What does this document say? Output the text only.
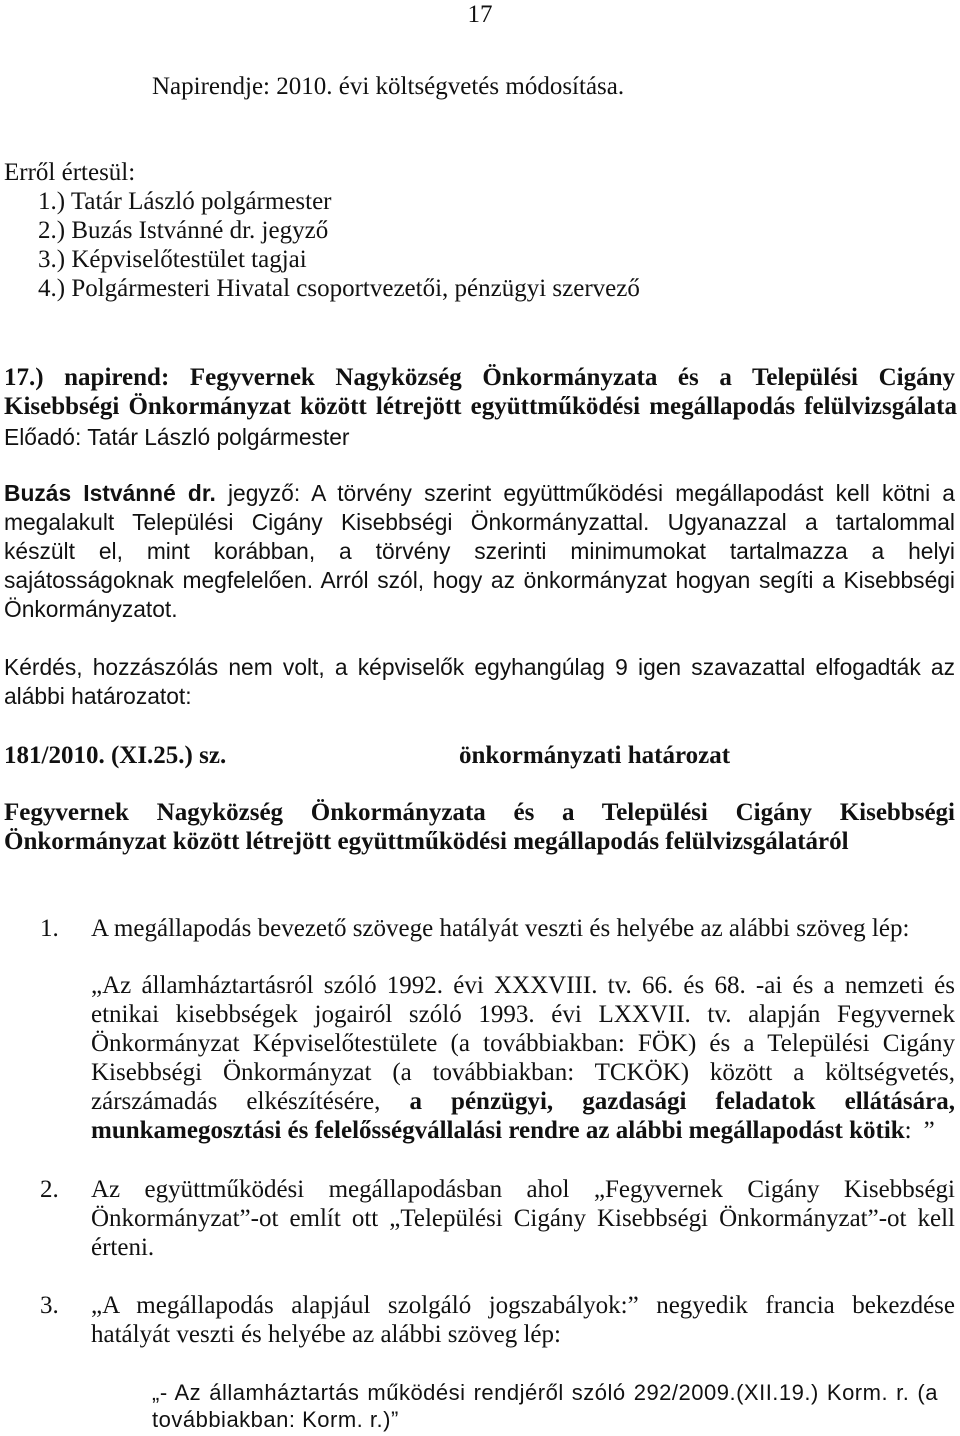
17
Napirendje: 2010. évi költségvetés módosítása.
Erről értesül:
1.) Tatár László polgármester
2.) Buzás Istvánné dr. jegyző
3.) Képviselőtestület tagjai
4.) Polgármesteri Hivatal csoportvezetői, pénzügyi szervező
17.) napirend: Fegyvernek Nagyközség Önkormányzata és a Települési Cigány
Kisebbségi Önkormányzat között létrejött együttműködési megállapodás felülvizsgálata
Előadó: Tatár László polgármester
Buzás Istvánné dr. jegyző: A törvény szerint együttműködési megállapodást kell kötni a
megalakult Települési Cigány Kisebbségi Önkormányzattal. Ugyanazzal a tartalommal
készült el, mint korábban, a törvény szerinti minimumokat tartalmazza a helyi
sajátosságoknak megfelelően. Arról szól, hogy az önkormányzat hogyan segíti a Kisebbségi
Önkormányzatot.
Kérdés, hozzászólás nem volt, a képviselők egyhangúlag 9 igen szavazattal elfogadták az
alábbi határozatot:
181/2010. (XI.25.) sz.	önkormányzati határozat
Fegyvernek Nagyközség Önkormányzata és a Települési Cigány Kisebbségi
Önkormányzat között létrejött együttműködési megállapodás felülvizsgálatáról
1. A megállapodás bevezető szövege hatályát veszti és helyébe az alábbi szöveg lép:
„Az államháztartásról szóló 1992. évi XXXVIII. tv. 66. és 68. -ai és a nemzeti és
etnikai kisebbségek jogairól szóló 1993. évi LXXVII. tv. alapján Fegyvernek
Önkormányzat Képviselőtestülete (a továbbiakban: FÖK) és a Települési Cigány
Kisebbségi Önkormányzat (a továbbiakban: TCKÖK) között a költségvetés,
zárszámadás elkészítésére, a pénzügyi, gazdasági feladatok ellátására,
munkamegosztási és felelősségvállalási rendre az alábbi megállapodást kötik: ”
2. Az együttműködési megállapodásban ahol „Fegyvernek Cigány Kisebbségi
Önkormányzat”-ot említ ott „Települési Cigány Kisebbségi Önkormányzat”-ot kell
érteni.
3. „A megállapodás alapjául szolgáló jogszabályok:” negyedik francia bekezdése
hatályát veszti és helyébe az alábbi szöveg lép:
„- Az államháztartás működési rendjéről szóló 292/2009.(XII.19.) Korm. r. (a
továbbiakban: Korm. r.)”
